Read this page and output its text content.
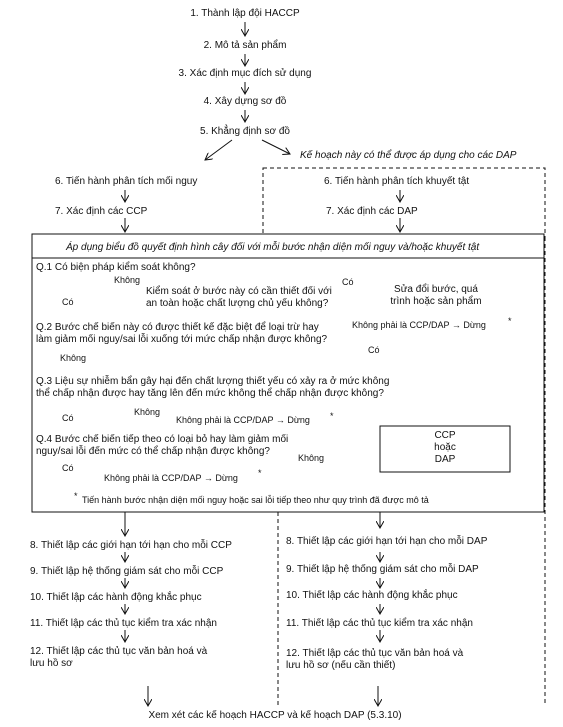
1. Thành lập đội HACCP
2. Mô tả sản phẩm
3. Xác định mục đích sử dụng
4. Xây dựng sơ đồ
5. Khẳng định sơ đồ
Kế hoạch này có thể được áp dụng cho các DAP
6. Tiến hành phân tích mối nguy
7. Xác định các CCP
6. Tiến hành phân tích khuyết tật
7. Xác định các DAP
Áp dụng biểu đồ quyết định hình cây đối với mỗi bước nhận diện mối nguy và/hoặc khuyết tật
Q.1 Có biện pháp kiểm soát không?
Không
Có
Kiểm soát ở bước này có cần thiết đối với
an toàn hoặc chất lượng chủ yếu không?
Có
Sửa đổi bước, quá
trình hoặc sản phẩm
Không phải là CCP/DAP → Dừng *
Q.2 Bước chế biến này có được thiết kế đặc biệt để loại trừ hay
làm giảm mối nguy/sai lỗi xuống tới mức chấp nhận được không?
Không
Có
Q.3 Liệu sự nhiễm bẩn gây hại đến chất lượng thiết yếu có xảy ra ở mức không
thể chấp nhận được hay tăng lên đến mức không thể chấp nhận được không?
Có
Không
Không phải là CCP/DAP → Dừng *
Q.4 Bước chế biến tiếp theo có loại bỏ hay làm giảm mối
nguy/sai lỗi đến mức có thể chấp nhận được không?
Có
Không
Không phải là CCP/DAP → Dừng *
CCP
hoặc
DAP
* Tiến hành bước nhận diện mối nguy hoặc sai lỗi tiếp theo như quy trình đã được mô tả
8. Thiết lập các giới hạn tới hạn cho mỗi CCP
9. Thiết lập hệ thống giám sát cho mỗi CCP
10. Thiết lập các hành động khắc phục
11. Thiết lập các thủ tục kiểm tra xác nhận
12. Thiết lập các thủ tục văn bản hoá và
lưu hồ sơ
8. Thiết lập các giới hạn tới hạn cho mỗi DAP
9. Thiết lập hệ thống giám sát cho mỗi DAP
10. Thiết lập các hành động khắc phục
11. Thiết lập các thủ tục kiểm tra xác nhận
12. Thiết lập các thủ tục văn bản hoá và
lưu hồ sơ (nếu cần thiết)
Xem xét các kế hoạch HACCP và kế hoạch DAP (5.3.10)
